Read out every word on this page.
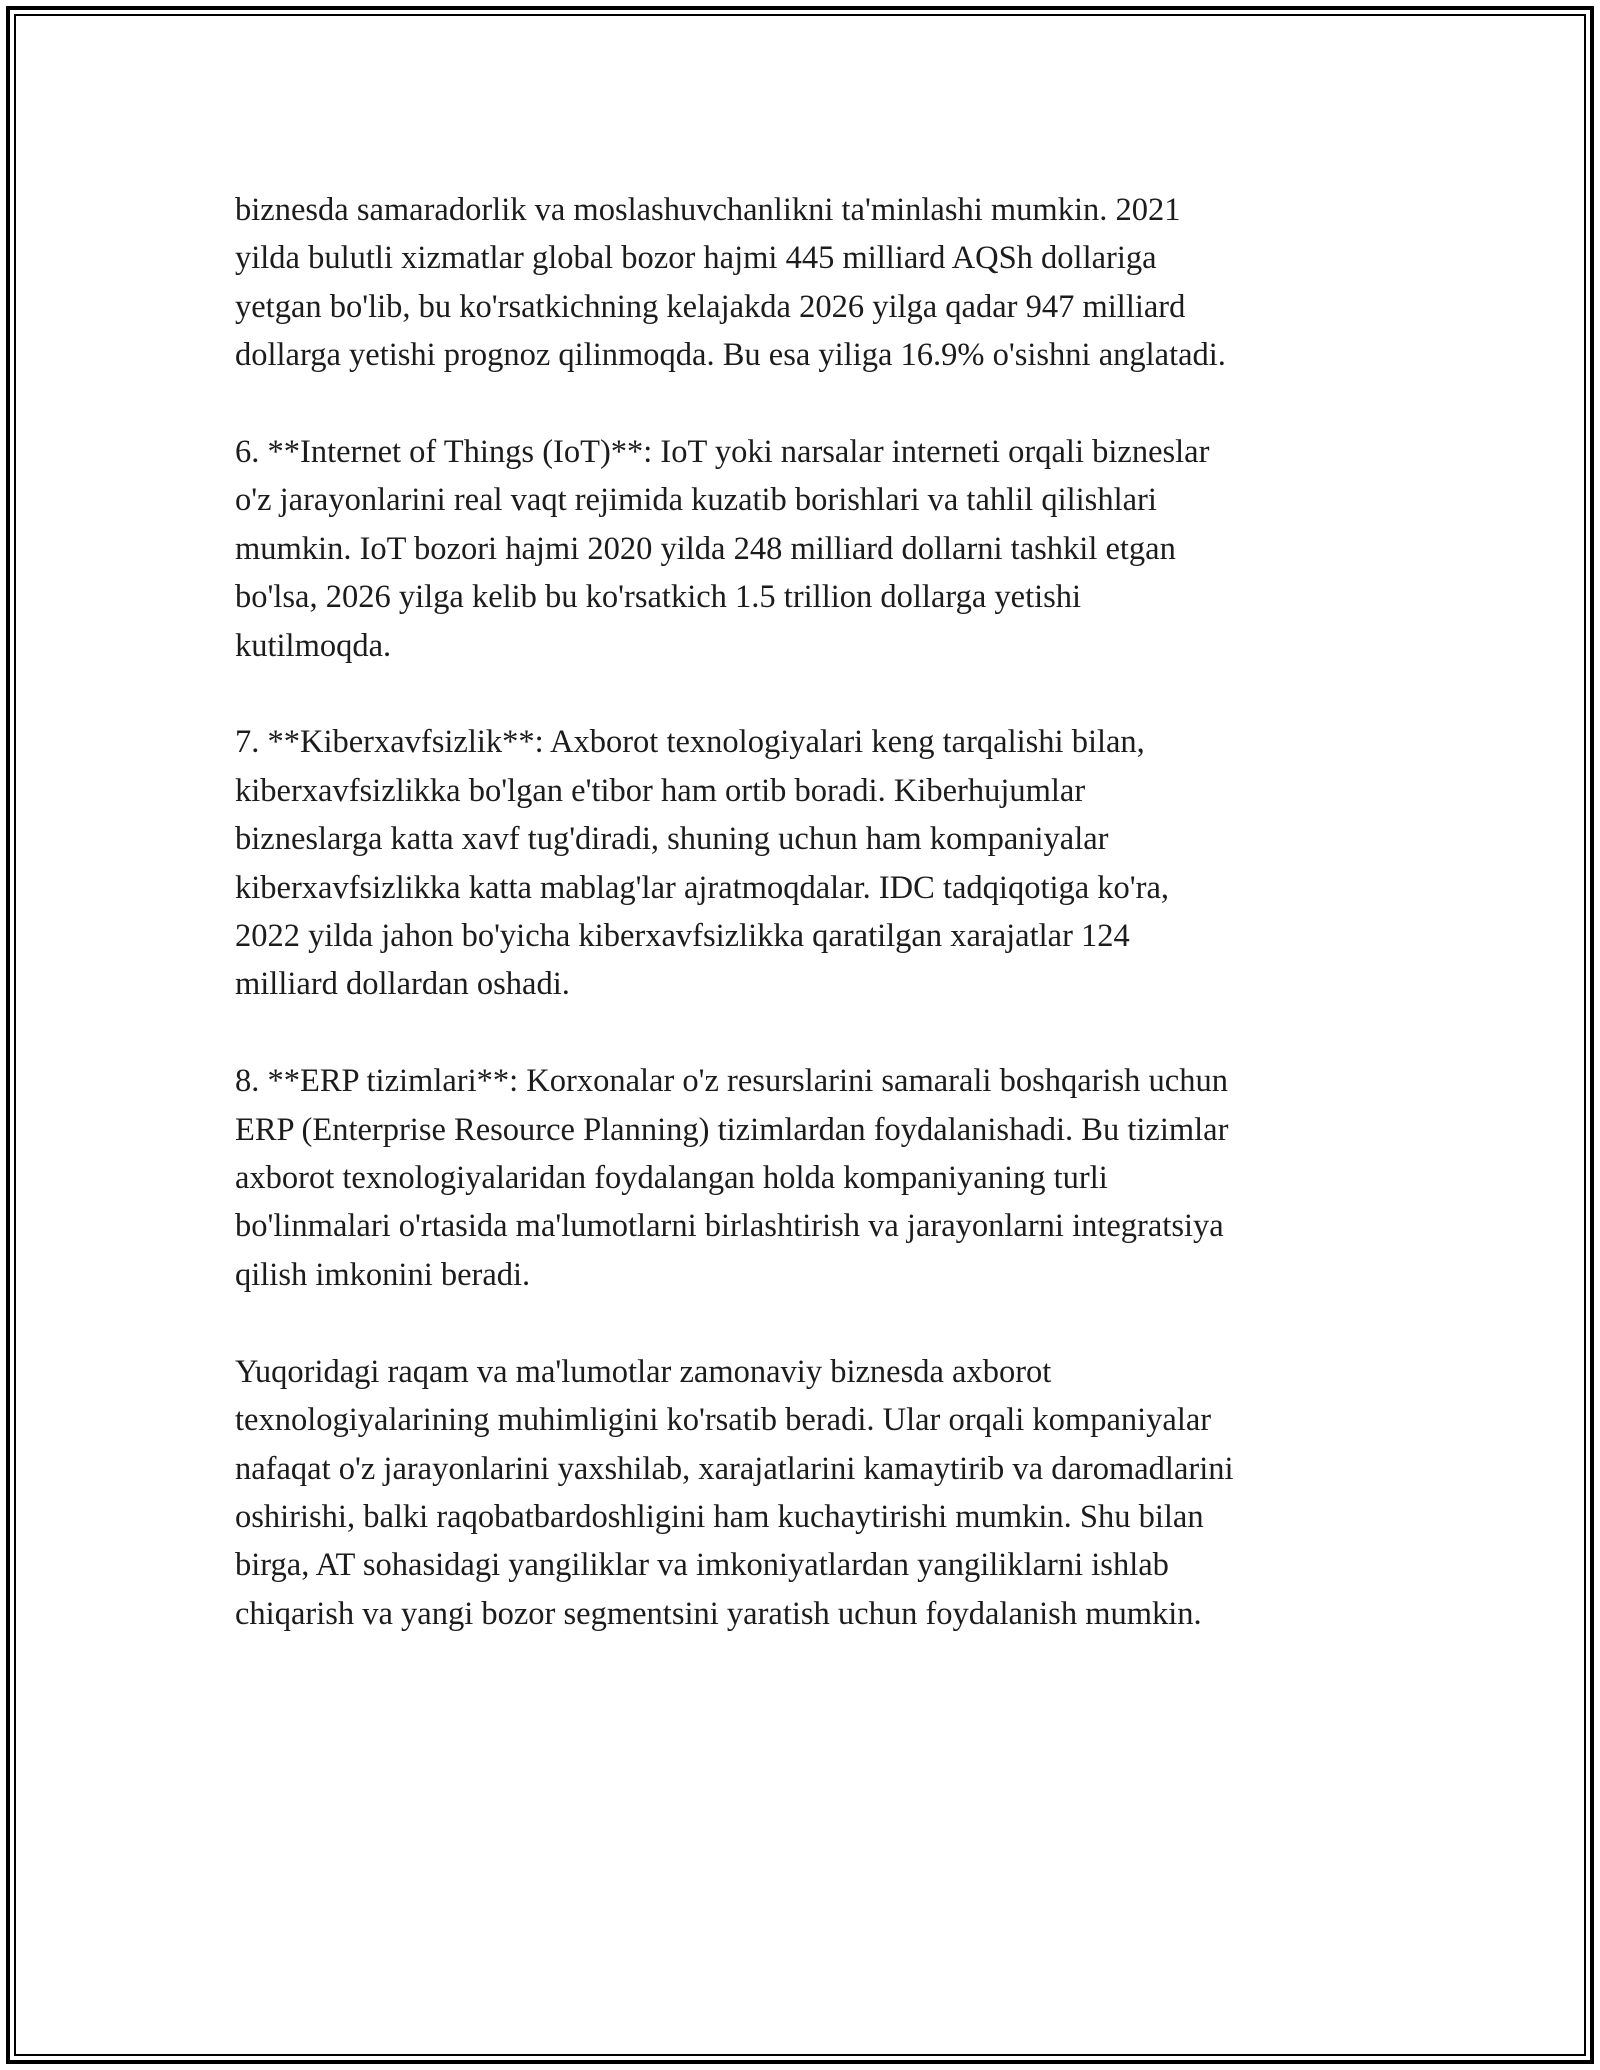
biznesda samaradorlik va moslashuvchanlikni ta'minlashi mumkin. 2021
yilda bulutli xizmatlar global bozor hajmi 445 milliard AQSh dollariga
yetgan bo'lib, bu ko'rsatkichning kelajakda 2026 yilga qadar 947 milliard
dollarga yetishi prognoz qilinmoqda. Bu esa yiliga 16.9% o'sishni anglatadi.

6. **Internet of Things (IoT)**: IoT yoki narsalar interneti orqali bizneslar
o'z jarayonlarini real vaqt rejimida kuzatib borishlari va tahlil qilishlari
mumkin. IoT bozori hajmi 2020 yilda 248 milliard dollarni tashkil etgan
bo'lsa, 2026 yilga kelib bu ko'rsatkich 1.5 trillion dollarga yetishi
kutilmoqda.

7. **Kiberxavfsizlik**: Axborot texnologiyalari keng tarqalishi bilan,
kiberxavfsizlikka bo'lgan e'tibor ham ortib boradi. Kiberhujumlar
bizneslarga katta xavf tug'diradi, shuning uchun ham kompaniyalar
kiberxavfsizlikka katta mablag'lar ajratmoqdalar. IDC tadqiqotiga ko'ra,
2022 yilda jahon bo'yicha kiberxavfsizlikka qaratilgan xarajatlar 124
milliard dollardan oshadi.

8. **ERP tizimlari**: Korxonalar o'z resurslarini samarali boshqarish uchun
ERP (Enterprise Resource Planning) tizimlardan foydalanishadi. Bu tizimlar
axborot texnologiyalaridan foydalangan holda kompaniyaning turli
bo'linmalari o'rtasida ma'lumotlarni birlashtirish va jarayonlarni integratsiya
qilish imkonini beradi.

Yuqoridagi raqam va ma'lumotlar zamonaviy biznesda axborot
texnologiyalarining muhimligini ko'rsatib beradi. Ular orqali kompaniyalar
nafaqat o'z jarayonlarini yaxshilab, xarajatlarini kamaytirib va daromadlarini
oshirishi, balki raqobatbardoshligini ham kuchaytirishi mumkin. Shu bilan
birga, AT sohasidagi yangiliklar va imkoniyatlardan yangiliklarni ishlab
chiqarish va yangi bozor segmentsini yaratish uchun foydalanish mumkin.
